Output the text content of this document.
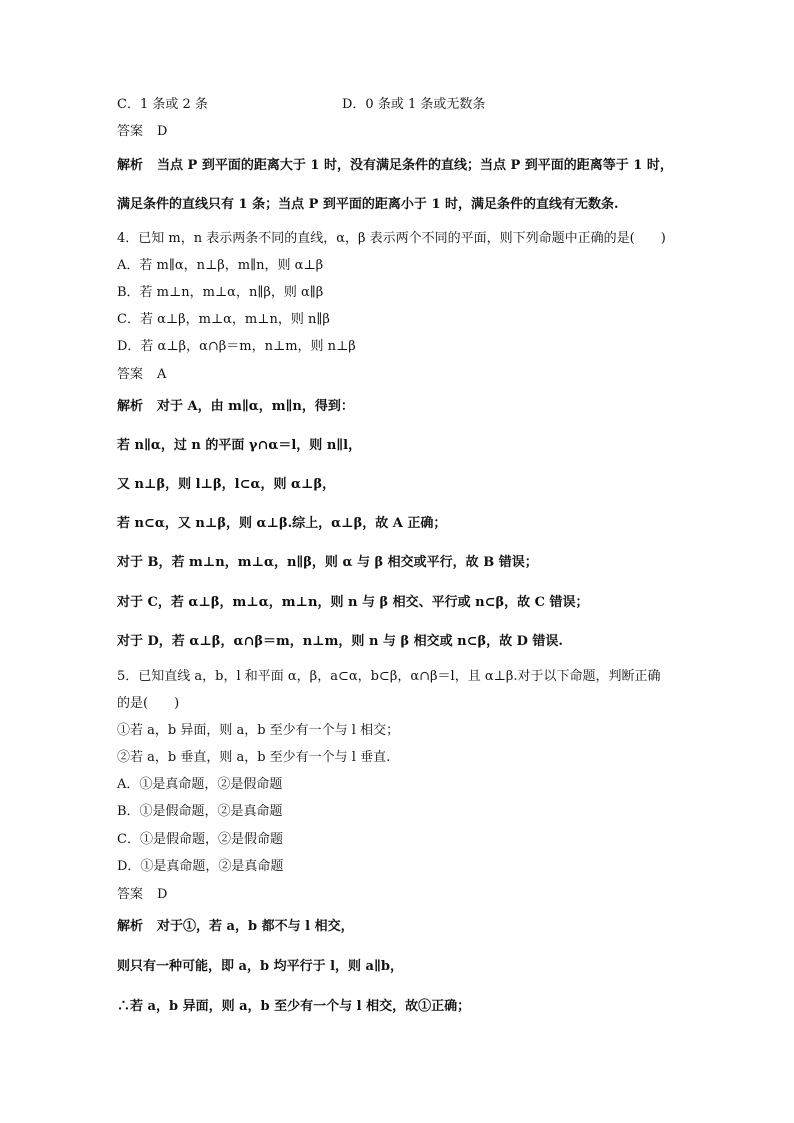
C．1 条或 2 条	D．0 条或 1 条或无数条
答案 D
解析 当点 P 到平面的距离大于 1 时，没有满足条件的直线；当点 P 到平面的距离等于 1 时，
满足条件的直线只有 1 条；当点 P 到平面的距离小于 1 时，满足条件的直线有无数条.
4．已知 m，n 表示两条不同的直线，α，β 表示两个不同的平面，则下列命题中正确的是(　　)
A．若 m∥α，n⊥β，m∥n，则 α⊥β
B．若 m⊥n，m⊥α，n∥β，则 α∥β
C．若 α⊥β，m⊥α，m⊥n，则 n∥β
D．若 α⊥β，α∩β＝m，n⊥m，则 n⊥β
答案 A
解析 对于 A，由 m∥α，m∥n，得到：
若 n∥α，过 n 的平面 γ∩α＝l，则 n∥l，
又 n⊥β，则 l⊥β，l⊂α，则 α⊥β，
若 n⊂α，又 n⊥β，则 α⊥β.综上，α⊥β，故 A 正确；
对于 B，若 m⊥n，m⊥α，n∥β，则 α 与 β 相交或平行，故 B 错误；
对于 C，若 α⊥β，m⊥α，m⊥n，则 n 与 β 相交、平行或 n⊂β，故 C 错误；
对于 D，若 α⊥β，α∩β＝m，n⊥m，则 n 与 β 相交或 n⊂β，故 D 错误.
5．已知直线 a，b，l 和平面 α，β，a⊂α，b⊂β，α∩β＝l，且 α⊥β.对于以下命题，判断正确
的是(　　)
①若 a，b 异面，则 a，b 至少有一个与 l 相交；
②若 a，b 垂直，则 a，b 至少有一个与 l 垂直.
A．①是真命题，②是假命题
B．①是假命题，②是真命题
C．①是假命题，②是假命题
D．①是真命题，②是真命题
答案 D
解析 对于①，若 a，b 都不与 l 相交，
则只有一种可能，即 a，b 均平行于 l，则 a∥b，
∴若 a，b 异面，则 a，b 至少有一个与 l 相交，故①正确；
